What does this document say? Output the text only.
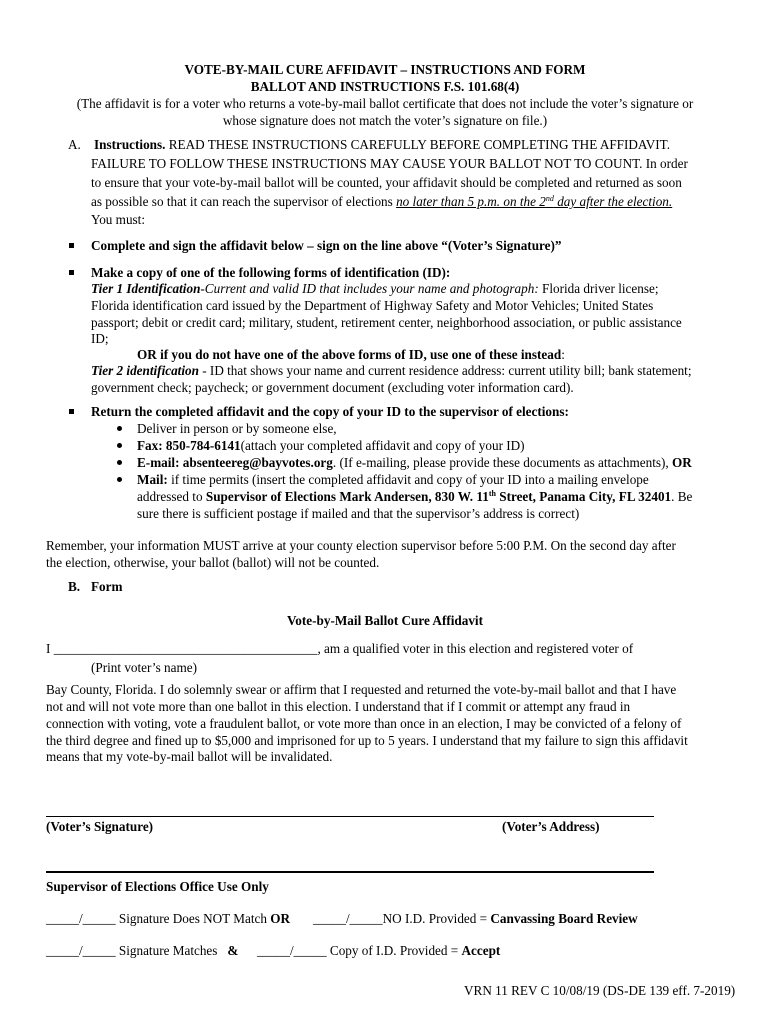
VOTE-BY-MAIL CURE AFFIDAVIT – INSTRUCTIONS AND FORM
BALLOT AND INSTRUCTIONS F.S. 101.68(4)
(The affidavit is for a voter who returns a vote-by-mail ballot certificate that does not include the voter’s signature or
whose signature does not match the voter’s signature on file.)
A. Instructions. READ THESE INSTRUCTIONS CAREFULLY BEFORE COMPLETING THE AFFIDAVIT.
FAILURE TO FOLLOW THESE INSTRUCTIONS MAY CAUSE YOUR BALLOT NOT TO COUNT. In order
to ensure that your vote-by-mail ballot will be counted, your affidavit should be completed and returned as soon
as possible so that it can reach the supervisor of elections no later than 5 p.m. on the 2nd day after the election.
You must:
Complete and sign the affidavit below – sign on the line above “(Voter’s Signature)”
Make a copy of one of the following forms of identification (ID):
Tier 1 Identification-Current and valid ID that includes your name and photograph: Florida driver license;
Florida identification card issued by the Department of Highway Safety and Motor Vehicles; United States
passport; debit or credit card; military, student, retirement center, neighborhood association, or public assistance
ID;
OR if you do not have one of the above forms of ID, use one of these instead:
Tier 2 identification - ID that shows your name and current residence address: current utility bill; bank statement;
government check; paycheck; or government document (excluding voter information card).
Return the completed affidavit and the copy of your ID to the supervisor of elections:
Deliver in person or by someone else,
Fax: 850-784-6141(attach your completed affidavit and copy of your ID)
E-mail: absenteereg@bayvotes.org. (If e-mailing, please provide these documents as attachments), OR
Mail: if time permits (insert the completed affidavit and copy of your ID into a mailing envelope
addressed to Supervisor of Elections Mark Andersen, 830 W. 11th Street, Panama City, FL 32401. Be
sure there is sufficient postage if mailed and that the supervisor’s address is correct)
Remember, your information MUST arrive at your county election supervisor before 5:00 P.M. On the second day after
the election, otherwise, your ballot (ballot) will not be counted.
B. Form
Vote-by-Mail Ballot Cure Affidavit
I ________________________________________, am a qualified voter in this election and registered voter of
(Print voter’s name)
Bay County, Florida. I do solemnly swear or affirm that I requested and returned the vote-by-mail ballot and that I have
not and will not vote more than one ballot in this election. I understand that if I commit or attempt any fraud in
connection with voting, vote a fraudulent ballot, or vote more than once in an election, I may be convicted of a felony of
the third degree and fined up to $5,000 and imprisoned for up to 5 years. I understand that my failure to sign this affidavit
means that my vote-by-mail ballot will be invalidated.
(Voter’s Signature)	(Voter’s Address)
Supervisor of Elections Office Use Only
_____/_____ Signature Does NOT Match OR _____/_____NO I.D. Provided = Canvassing Board Review
_____/_____ Signature Matches   & _____/_____ Copy of I.D. Provided = Accept
VRN 11 REV C 10/08/19 (DS-DE 139 eff. 7-2019)
